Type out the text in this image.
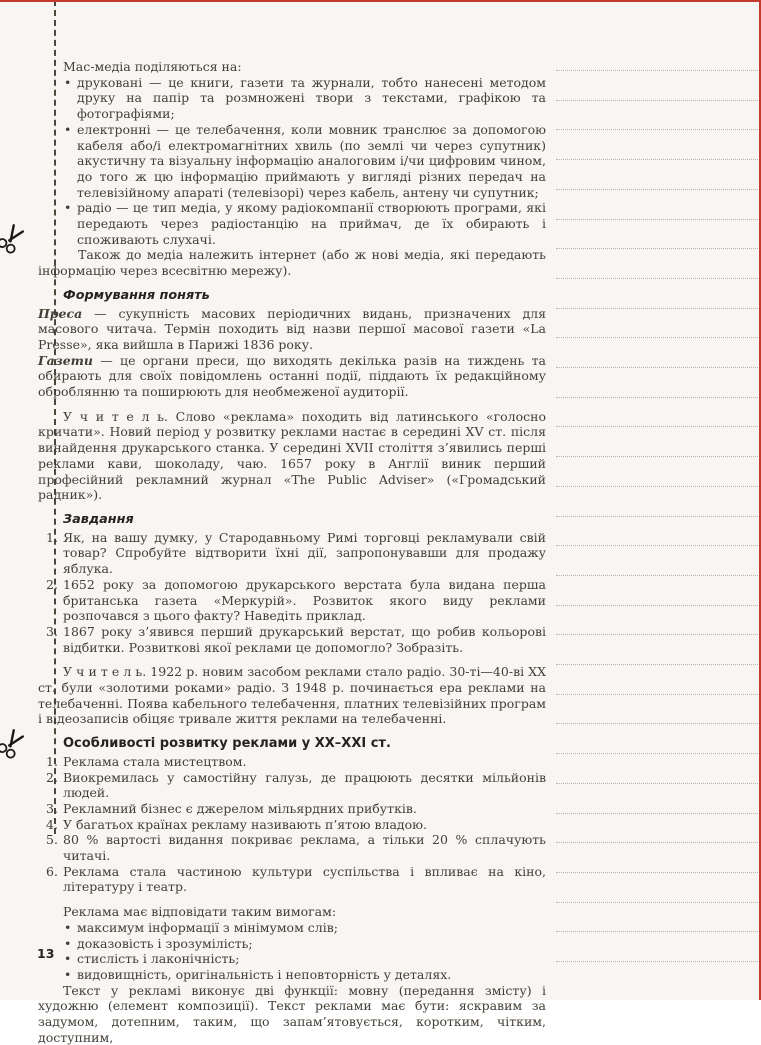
Мас-медіа поділяються на:

• друковані — це книги, газети та журнали, тобто нанесені методом друку на папір та розмножені твори з текстами, графікою та фотографіями;
• електронні — це телебачення, коли мовник транслює за допомогою кабеля або/і електромагнітних хвиль (по землі чи через супутник) акустичну та візуальну інформацію аналоговим і/чи цифровим чином, до того ж цю інформацію приймають у вигляді різних передач на телевізійному апараті (телевізорі) через кабель, антену чи супутник;
• радіо — це тип медіа, у якому радіокомпанії створюють програми, які передають через радіостанцію на приймач, де їх обирають і споживають слухачі.

Також до медіа належить інтернет (або ж нові медіа, які передають інформацію через всесвітню мережу).

Формування понять

Преса — сукупність масових періодичних видань, призначених для масового читача. Термін походить від назви першої масової газети «La Presse», яка вийшла в Парижі 1836 року.

Газети — це органи преси, що виходять декілька разів на тиждень та обирають для своїх повідомлень останні події, піддають їх редакційному оброблянню та поширюють для необмеженої аудиторії.

У ч и т е л ь. Слово «реклама» походить від латинського «голосно кричати». Новий період у розвитку реклами настає в середині XV ст. після винайдення друкарського станка. У середині XVII століття з’явились перші реклами кави, шоколаду, чаю. 1657 року в Англії виник перший професійний рекламний журнал «The Public Adviser» («Громадський радник»).

Завдання
Як, на вашу думку, у Стародавньому Римі торговці рекламували свій товар? Спробуйте відтворити їхні дії, запропонувавши для продажу яблука.
1652 року за допомогою друкарського верстата була видана перша британська газета «Меркурій». Розвиток якого виду реклами розпочався з цього факту? Наведіть приклад.
1867 року з’явився перший друкарський верстат, що робив кольорові відбитки. Розвиткові якої реклами це допомогло? Зобразіть.

У ч и т е л ь. 1922 р. новим засобом реклами стало радіо. 30-ті—40-ві ХХ ст. були «золотими роками» радіо. З 1948 р. починається ера реклами на телебаченні. Поява кабельного телебачення, платних телевізійних програм і відеозаписів обіцяє тривале життя реклами на телебаченні.

Особливості розвитку реклами у ХХ–ХХІ ст.
Реклама стала мистецтвом.
Виокремилась у самостійну галузь, де працюють десятки мільйонів людей.
Рекламний бізнес є джерелом мільярдних прибутків.
У багатьох країнах рекламу називають п’ятою владою.
80 % вартості видання покриває реклама, а тільки 20 % сплачують читачі.
Реклама стала частиною культури суспільства і впливає на кіно, літературу і театр.

Реклама має відповідати таким вимогам:

• максимум інформації з мінімумом слів;
• доказовість і зрозумілість;
• стислість і лаконічність;
• видовищність, оригінальність і неповторність у деталях.

Текст у рекламі виконує дві функції: мовну (передання змісту) і художню (елемент композиції). Текст реклами має бути: яскравим за задумом, дотепним, таким, що запам’ятовується, коротким, чітким, доступним,

13
